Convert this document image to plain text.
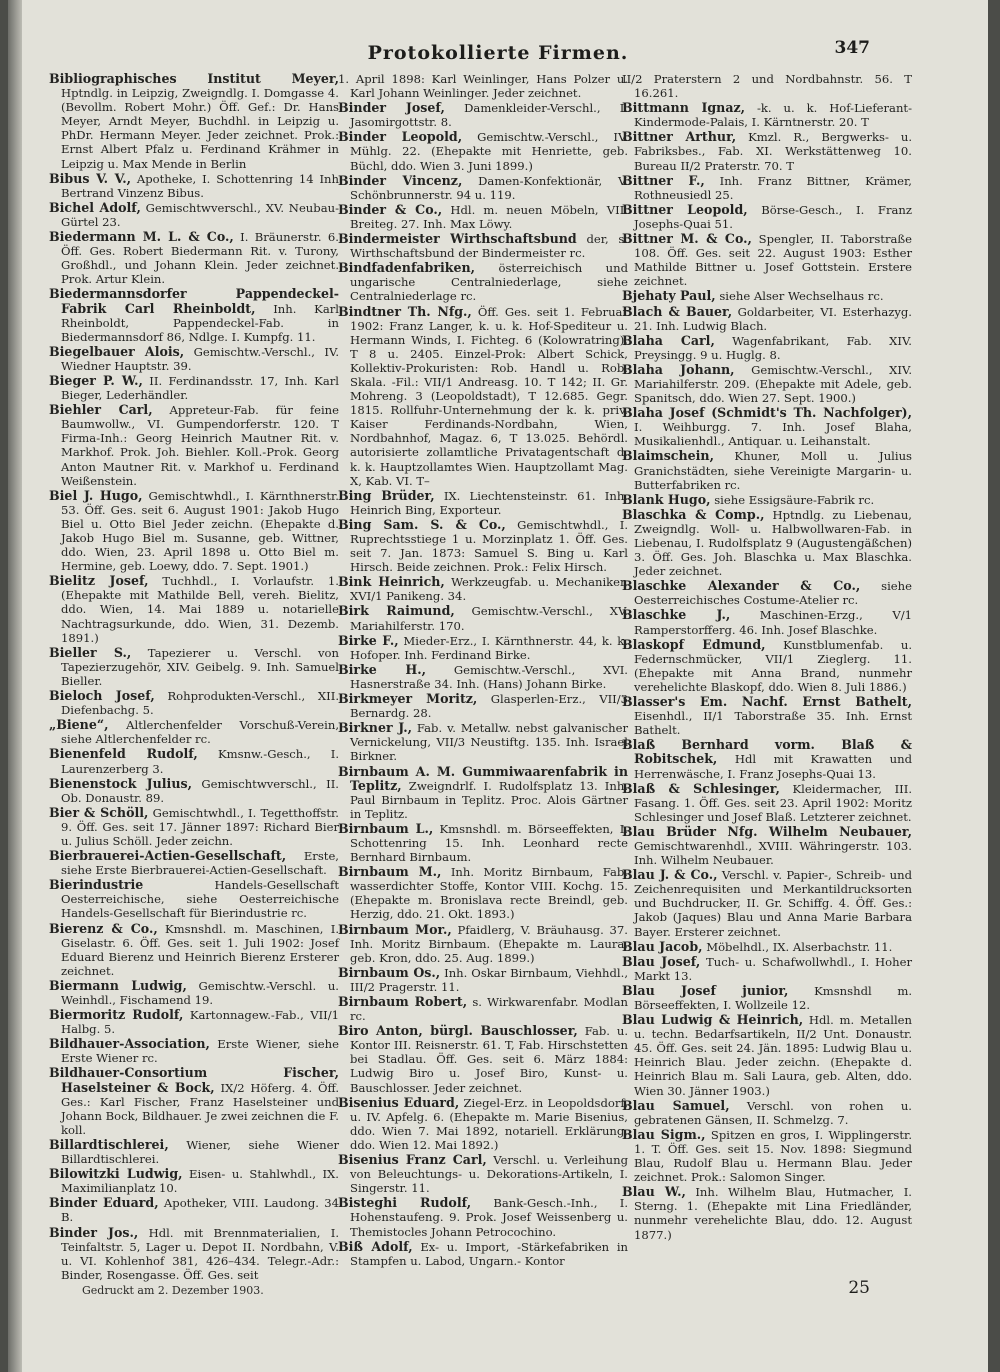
Protokollierte Firmen.	347
Bibliographisches Institut Meyer, Hptndlg. in Leipzig, Zweigndlg. I. Domgasse 4. (Bevollm. Robert Mohr.) Öff. Gef.: Dr. Hans Meyer, Arndt Meyer, Buchdhl. in Leipzig u. PhDr. Hermann Meyer. Jeder zeichnet. Prok.: Ernst Albert Pfalz u. Ferdinand Krähmer in Leipzig u. Max Mende in Berlin
Bibus V. V., Apotheke, I. Schottenring 14 Inh Bertrand Vinzenz Bibus.
Bichel Adolf, Gemischtwverschl., XV. Neubau-Gürtel 23.
Biedermann M. L. & Co., I. Bräunerstr. 6. Öff. Ges. Robert Biedermann Rit. v. Turony, Großhdl., und Johann Klein. Jeder zeichnet. Prok. Artur Klein.
Biedermannsdorfer Pappendeckel-Fabrik Carl Rheinboldt, Inh. Karl Rheinboldt, Pappendeckel-Fab. in Biedermannsdorf 86, Ndlge. I. Kumpfg. 11.
Biegelbauer Alois, Gemischtw.-Verschl., IV. Wiedner Hauptstr. 39.
Bieger P. W., II. Ferdinandsstr. 17, Inh. Karl Bieger, Lederhändler.
Biehler Carl, Appreteur-Fab. für feine Baumwollw., VI. Gumpendorferstr. 120. T Firma-Inh.: Georg Heinrich Mautner Rit. v. Markhof. Prok. Joh. Biehler. Koll.-Prok. Georg Anton Mautner Rit. v. Markhof u. Ferdinand Weißenstein.
Biel J. Hugo, Gemischtwhdl., I. Kärnthnerstr. 53. Öff. Ges. seit 6. August 1901: Jakob Hugo Biel u. Otto Biel Jeder zeichn. (Ehepakte d. Jakob Hugo Biel m. Susanne, geb. Wittner, ddo. Wien, 23. April 1898 u. Otto Biel m. Hermine, geb. Loewy, ddo. 7. Sept. 1901.)
Bielitz Josef, Tuchhdl., I. Vorlaufstr. 1. (Ehepakte mit Mathilde Bell, vereh. Bielitz, ddo. Wien, 14. Mai 1889 u. notarielle Nachtragsurkunde, ddo. Wien, 31. Dezemb. 1891.)
Bieller S., Tapezierer u. Verschl. von Tapezierzugehör, XIV. Geibelg. 9. Inh. Samuel Bieller.
Bieloch Josef, Rohprodukten-Verschl., XII. Diefenbachg. 5.
„Biene“, Altlerchenfelder Vorschuß-Verein, siehe Altlerchenfelder rc.
Bienenfeld Rudolf, Kmsnw.-Gesch., I. Laurenzerberg 3.
Bienenstock Julius, Gemischtwverschl., II. Ob. Donaustr. 89.
Bier & Schöll, Gemischtwhdl., I. Tegetthoffstr. 9. Öff. Ges. seit 17. Jänner 1897: Richard Bier u. Julius Schöll. Jeder zeichn.
Bierbrauerei-Actien-Gesellschaft, Erste, siehe Erste Bierbrauerei-Actien-Gesellschaft.
Bierindustrie	Handels-Gesellschaft Oesterreichische, siehe Oesterreichische Handels-Gesellschaft für Bierindustrie rc.
Bierenz & Co., Kmsnshdl. m. Maschinen, I. Giselastr. 6. Öff. Ges. seit 1. Juli 1902: Josef Eduard Bierenz und Heinrich Bierenz Ersterer zeichnet.
Biermann Ludwig, Gemischtw.-Verschl. u. Weinhdl., Fischamend 19.
Biermoritz Rudolf, Kartonnagew.-Fab., VII/1 Halbg. 5.
Bildhauer-Association, Erste Wiener, siehe Erste Wiener rc.
Bildhauer-Consortium Fischer, Haselsteiner & Bock, IX/2 Höferg. 4. Öff. Ges.: Karl Fischer, Franz Haselsteiner und Johann Bock, Bildhauer. Je zwei zeichnen die F. koll.
Billardtischlerei, Wiener, siehe Wiener Billardtischlerei.
Bilowitzki Ludwig, Eisen- u. Stahlwhdl., IX. Maximilianplatz 10.
Binder Eduard, Apotheker, VIII. Laudong. 34 B.
Binder Jos., Hdl. mit Brennmaterialien, I. Teinfaltstr. 5, Lager u. Depot II. Nordbahn, V. u. VI. Kohlenhof 381, 426–434. Telegr.-Adr.: Binder, Rosengasse. Öff. Ges. seit
1. April 1898: Karl Weinlinger, Hans Polzer u. Karl Johann Weinlinger. Jeder zeichnet.
Binder Josef, Damenkleider-Verschl., I. Jasomirgottstr. 8.
Binder Leopold, Gemischtw.-Verschl., IV. Mühlg. 22. (Ehepakte mit Henriette, geb. Büchl, ddo. Wien 3. Juni 1899.)
Binder Vincenz, Damen-Konfektionär, V. Schönbrunnerstr. 94 u. 119.
Binder & Co., Hdl. m. neuen Möbeln, VII. Breiteg. 27. Inh. Max Löwy.
Bindermeister Wirthschaftsbund der, s. Wirthschaftsbund der Bindermeister rc.
Bindfadenfabriken, österreichisch und ungarische Centralniederlage, siehe Centralniederlage rc.
Bindtner Th. Nfg., Öff. Ges. seit 1. Februar 1902: Franz Langer, k. u. k. Hof-Spediteur u. Hermann Winds, I. Fichteg. 6 (Kolowratring), T 8 u. 2405. Einzel-Prok: Albert Schick, Kollektiv-Prokuristen: Rob. Handl u. Rob. Skala. -Fil.: VII/1 Andreasg. 10. T 142; II. Gr. Mohreng. 3 (Leopoldstadt), T 12.685. Gegr. 1815. Rollfuhr-Unternehmung der k. k. priv. Kaiser Ferdinands-Nordbahn, Wien, Nordbahnhof, Magaz. 6, T 13.025. Behördl. autorisierte zollamtliche Privatagentschaft d. k. k. Hauptzollamtes Wien. Hauptzollamt Mag. X, Kab. VI. T–
Bing Brüder, IX. Liechtensteinstr. 61. Inh. Heinrich Bing, Exporteur.
Bing Sam. S. & Co., Gemischtwhdl., I. Ruprechtsstiege 1 u. Morzinplatz 1. Öff. Ges. seit 7. Jan. 1873: Samuel S. Bing u. Karl Hirsch. Beide zeichnen. Prok.: Felix Hirsch.
Bink Heinrich, Werkzeugfab. u. Mechaniker, XVI/1 Panikeng. 34.
Birk Raimund, Gemischtw.-Verschl., XV. Mariahilferstr. 170.
Birke F., Mieder-Erz., I. Kärnthnerstr. 44, k. k. Hofoper. Inh. Ferdinand Birke.
Birke H., Gemischtw.-Verschl., XVI. Hasnerstraße 34. Inh. (Hans) Johann Birke.
Birkmeyer Moritz, Glasperlen-Erz., VII/3 Bernardg. 28.
Birkner J., Fab. v. Metallw. nebst galvanischer Vernickelung, VII/3 Neustiftg. 135. Inh. Israel Birkner.
Birnbaum A. M. Gummiwaarenfabrik in Teplitz, Zweigndrlf. I. Rudolfsplatz 13. Inh. Paul Birnbaum in Teplitz. Proc. Alois Gärtner in Teplitz.
Birnbaum L., Kmsnshdl. m. Börseeffekten, I. Schottenring 15. Inh. Leonhard recte Bernhard Birnbaum.
Birnbaum M., Inh. Moritz Birnbaum, Fab. wasserdichter Stoffe, Kontor VIII. Kochg. 15. (Ehepakte m. Bronislava recte Breindl, geb. Herzig, ddo. 21. Okt. 1893.)
Birnbaum Mor., Pfaidlerg, V. Bräuhausg. 37. Inh. Moritz Birnbaum. (Ehepakte m. Laura, geb. Kron, ddo. 25. Aug. 1899.)
Birnbaum Os., Inh. Oskar Birnbaum, Viehhdl., III/2 Pragerstr. 11.
Birnbaum Robert, s. Wirkwarenfabr. Modlan rc.
Biro Anton, bürgl. Bauschlosser, Fab. u. Kontor III. Reisnerstr. 61. T, Fab. Hirschstetten bei Stadlau. Öff. Ges. seit 6. März 1884: Ludwig Biro u. Josef Biro, Kunst- u. Bauschlosser. Jeder zeichnet.
Bisenius Eduard, Ziegel-Erz. in Leopoldsdorf, u. IV. Apfelg. 6. (Ehepakte m. Marie Bisenius, ddo. Wien 7. Mai 1892, notariell. Erklärung, ddo. Wien 12. Mai 1892.)
Bisenius Franz Carl, Verschl. u. Verleihung von Beleuchtungs- u. Dekorations-Artikeln, I. Singerstr. 11.
Bisteghi Rudolf, Bank-Gesch.-Inh., I. Hohenstaufeng. 9. Prok. Josef Weissenberg u. Themistocles Johann Petrocochino.
Biß Adolf, Ex- u. Import, -Stärkefabriken in Stampfen u. Labod, Ungarn.- Kontor
II/2 Praterstern 2 und Nordbahnstr. 56. T 16.261.
Bittmann Ignaz, -k. u. k. Hof-Lieferant-Kindermode-Palais, I. Kärntnerstr. 20. T
Bittner Arthur, Kmzl. R., Bergwerks- u. Fabriksbes., Fab. XI. Werkstättenweg 10. Bureau II/2 Praterstr. 70. T
Bittner F., Inh. Franz Bittner, Krämer, Rothneusiedl 25.
Bittner Leopold, Börse-Gesch., I. Franz Josephs-Quai 51.
Bittner M. & Co., Spengler, II. Taborstraße 108. Öff. Ges. seit 22. August 1903: Esther Mathilde Bittner u. Josef Gottstein. Erstere zeichnet.
Bjehaty Paul, siehe Alser Wechselhaus rc.
Blach & Bauer, Goldarbeiter, VI. Esterhazyg. 21. Inh. Ludwig Blach.
Blaha Carl, Wagenfabrikant, Fab. XIV. Preysingg. 9 u. Huglg. 8.
Blaha Johann, Gemischtw.-Verschl., XIV. Mariahilferstr. 209. (Ehepakte mit Adele, geb. Spanitsch, ddo. Wien 27. Sept. 1900.)
Blaha Josef (Schmidt's Th. Nachfolger), I. Weihburgg. 7. Inh. Josef Blaha, Musikalienhdl., Antiquar. u. Leihanstalt.
Blaimschein, Khuner, Moll u. Julius Granichstädten, siehe Vereinigte Margarin- u. Butterfabriken rc.
Blank Hugo, siehe Essigsäure-Fabrik rc.
Blaschka & Comp., Hptndlg. zu Liebenau, Zweigndlg. Woll- u. Halbwollwaren-Fab. in Liebenau, I. Rudolfsplatz 9 (Augustengäßchen) 3. Öff. Ges. Joh. Blaschka u. Max Blaschka. Jeder zeichnet.
Blaschke Alexander & Co., siehe Oesterreichisches Costume-Atelier rc.
Blaschke J.,	Maschinen-Erzg., V/1 Ramperstorfferg. 46. Inh. Josef Blaschke.
Blaskopf Edmund, Kunstblumenfab. u. Federnschmücker, VII/1 Zieglerg. 11. (Ehepakte mit Anna Brand, nunmehr verehelichte Blaskopf, ddo. Wien 8. Juli 1886.)
Blasser's Em. Nachf. Ernst Bathelt, Eisenhdl., II/1 Taborstraße 35. Inh. Ernst Bathelt.
Blaß Bernhard vorm. Blaß & Robitschek, Hdl mit Krawatten und Herrenwäsche, I. Franz Josephs-Quai 13.
Blaß & Schlesinger, Kleidermacher, III. Fasang. 1. Öff. Ges. seit 23. April 1902: Moritz Schlesinger und Josef Blaß. Letzterer zeichnet.
Blau Brüder Nfg. Wilhelm Neubauer, Gemischtwarenhdl., XVIII. Währingerstr. 103. Inh. Wilhelm Neubauer.
Blau J. & Co., Verschl. v. Papier-, Schreib- und Zeichenrequisiten und Merkantildrucksorten und Buchdrucker, II. Gr. Schiffg. 4. Öff. Ges.: Jakob (Jaques) Blau und Anna Marie Barbara Bayer. Ersterer zeichnet.
Blau Jacob, Möbelhdl., IX. Alserbachstr. 11.
Blau Josef, Tuch- u. Schafwollwhdl., I. Hoher Markt 13.
Blau Josef junior, Kmsnshdl m. Börseeffekten, I. Wollzeile 12.
Blau Ludwig & Heinrich, Hdl. m. Metallen u. techn. Bedarfsartikeln, II/2 Unt. Donaustr. 45. Öff. Ges. seit 24. Jän. 1895: Ludwig Blau u. Heinrich Blau. Jeder zeichn. (Ehepakte d. Heinrich Blau m. Sali Laura, geb. Alten, ddo. Wien 30. Jänner 1903.)
Blau Samuel, Verschl. von rohen u. gebratenen Gänsen, II. Schmelzg. 7.
Blau Sigm., Spitzen en gros, I. Wipplingerstr. 1. T. Öff. Ges. seit 15. Nov. 1898: Siegmund Blau, Rudolf Blau u. Hermann Blau. Jeder zeichnet. Prok.: Salomon Singer.
Blau W., Inh. Wilhelm Blau, Hutmacher, I. Sterng. 1. (Ehepakte mit Lina Friedländer, nunmehr verehelichte Blau, ddo. 12. August 1877.)
Gedruckt am 2. Dezember 1903.	25
